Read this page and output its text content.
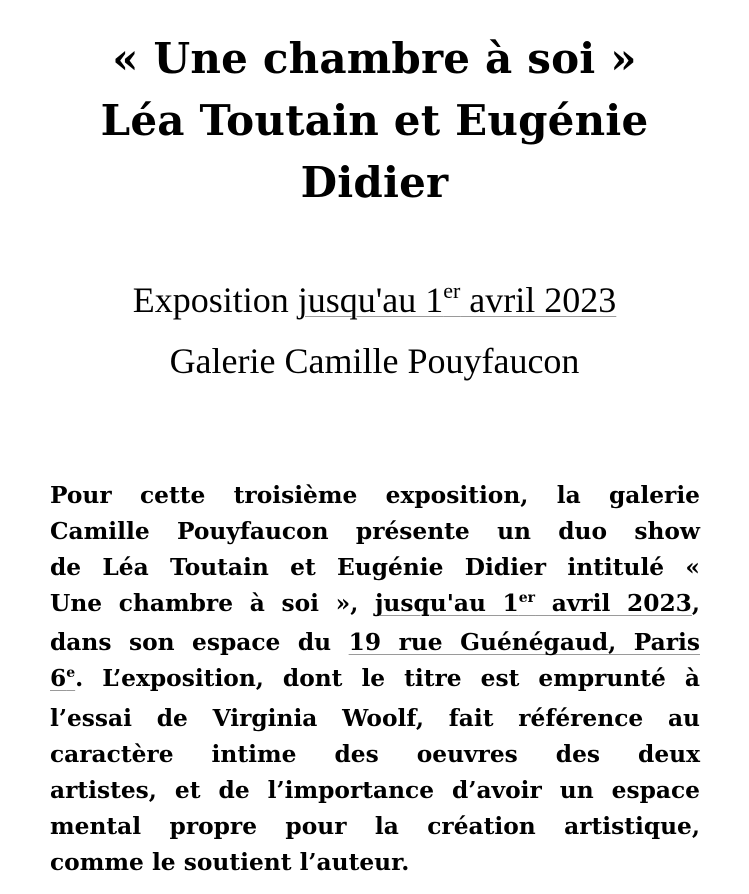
« Une chambre à soi »
Léa Toutain et Eugénie
Didier
Exposition jusqu'au 1er avril 2023
Galerie Camille Pouyfaucon
Pour cette troisième exposition, la galerie
Camille Pouyfaucon présente un duo show
de Léa Toutain et Eugénie Didier intitulé «
Une chambre à soi », jusqu'au 1er avril 2023,
dans son espace du 19 rue Guénégaud, Paris
6e. L’exposition, dont le titre est emprunté à
l’essai de Virginia Woolf, fait référence au
caractère intime des oeuvres des deux
artistes, et de l’importance d’avoir un espace
mental propre pour la création artistique,
comme le soutient l’auteur.
